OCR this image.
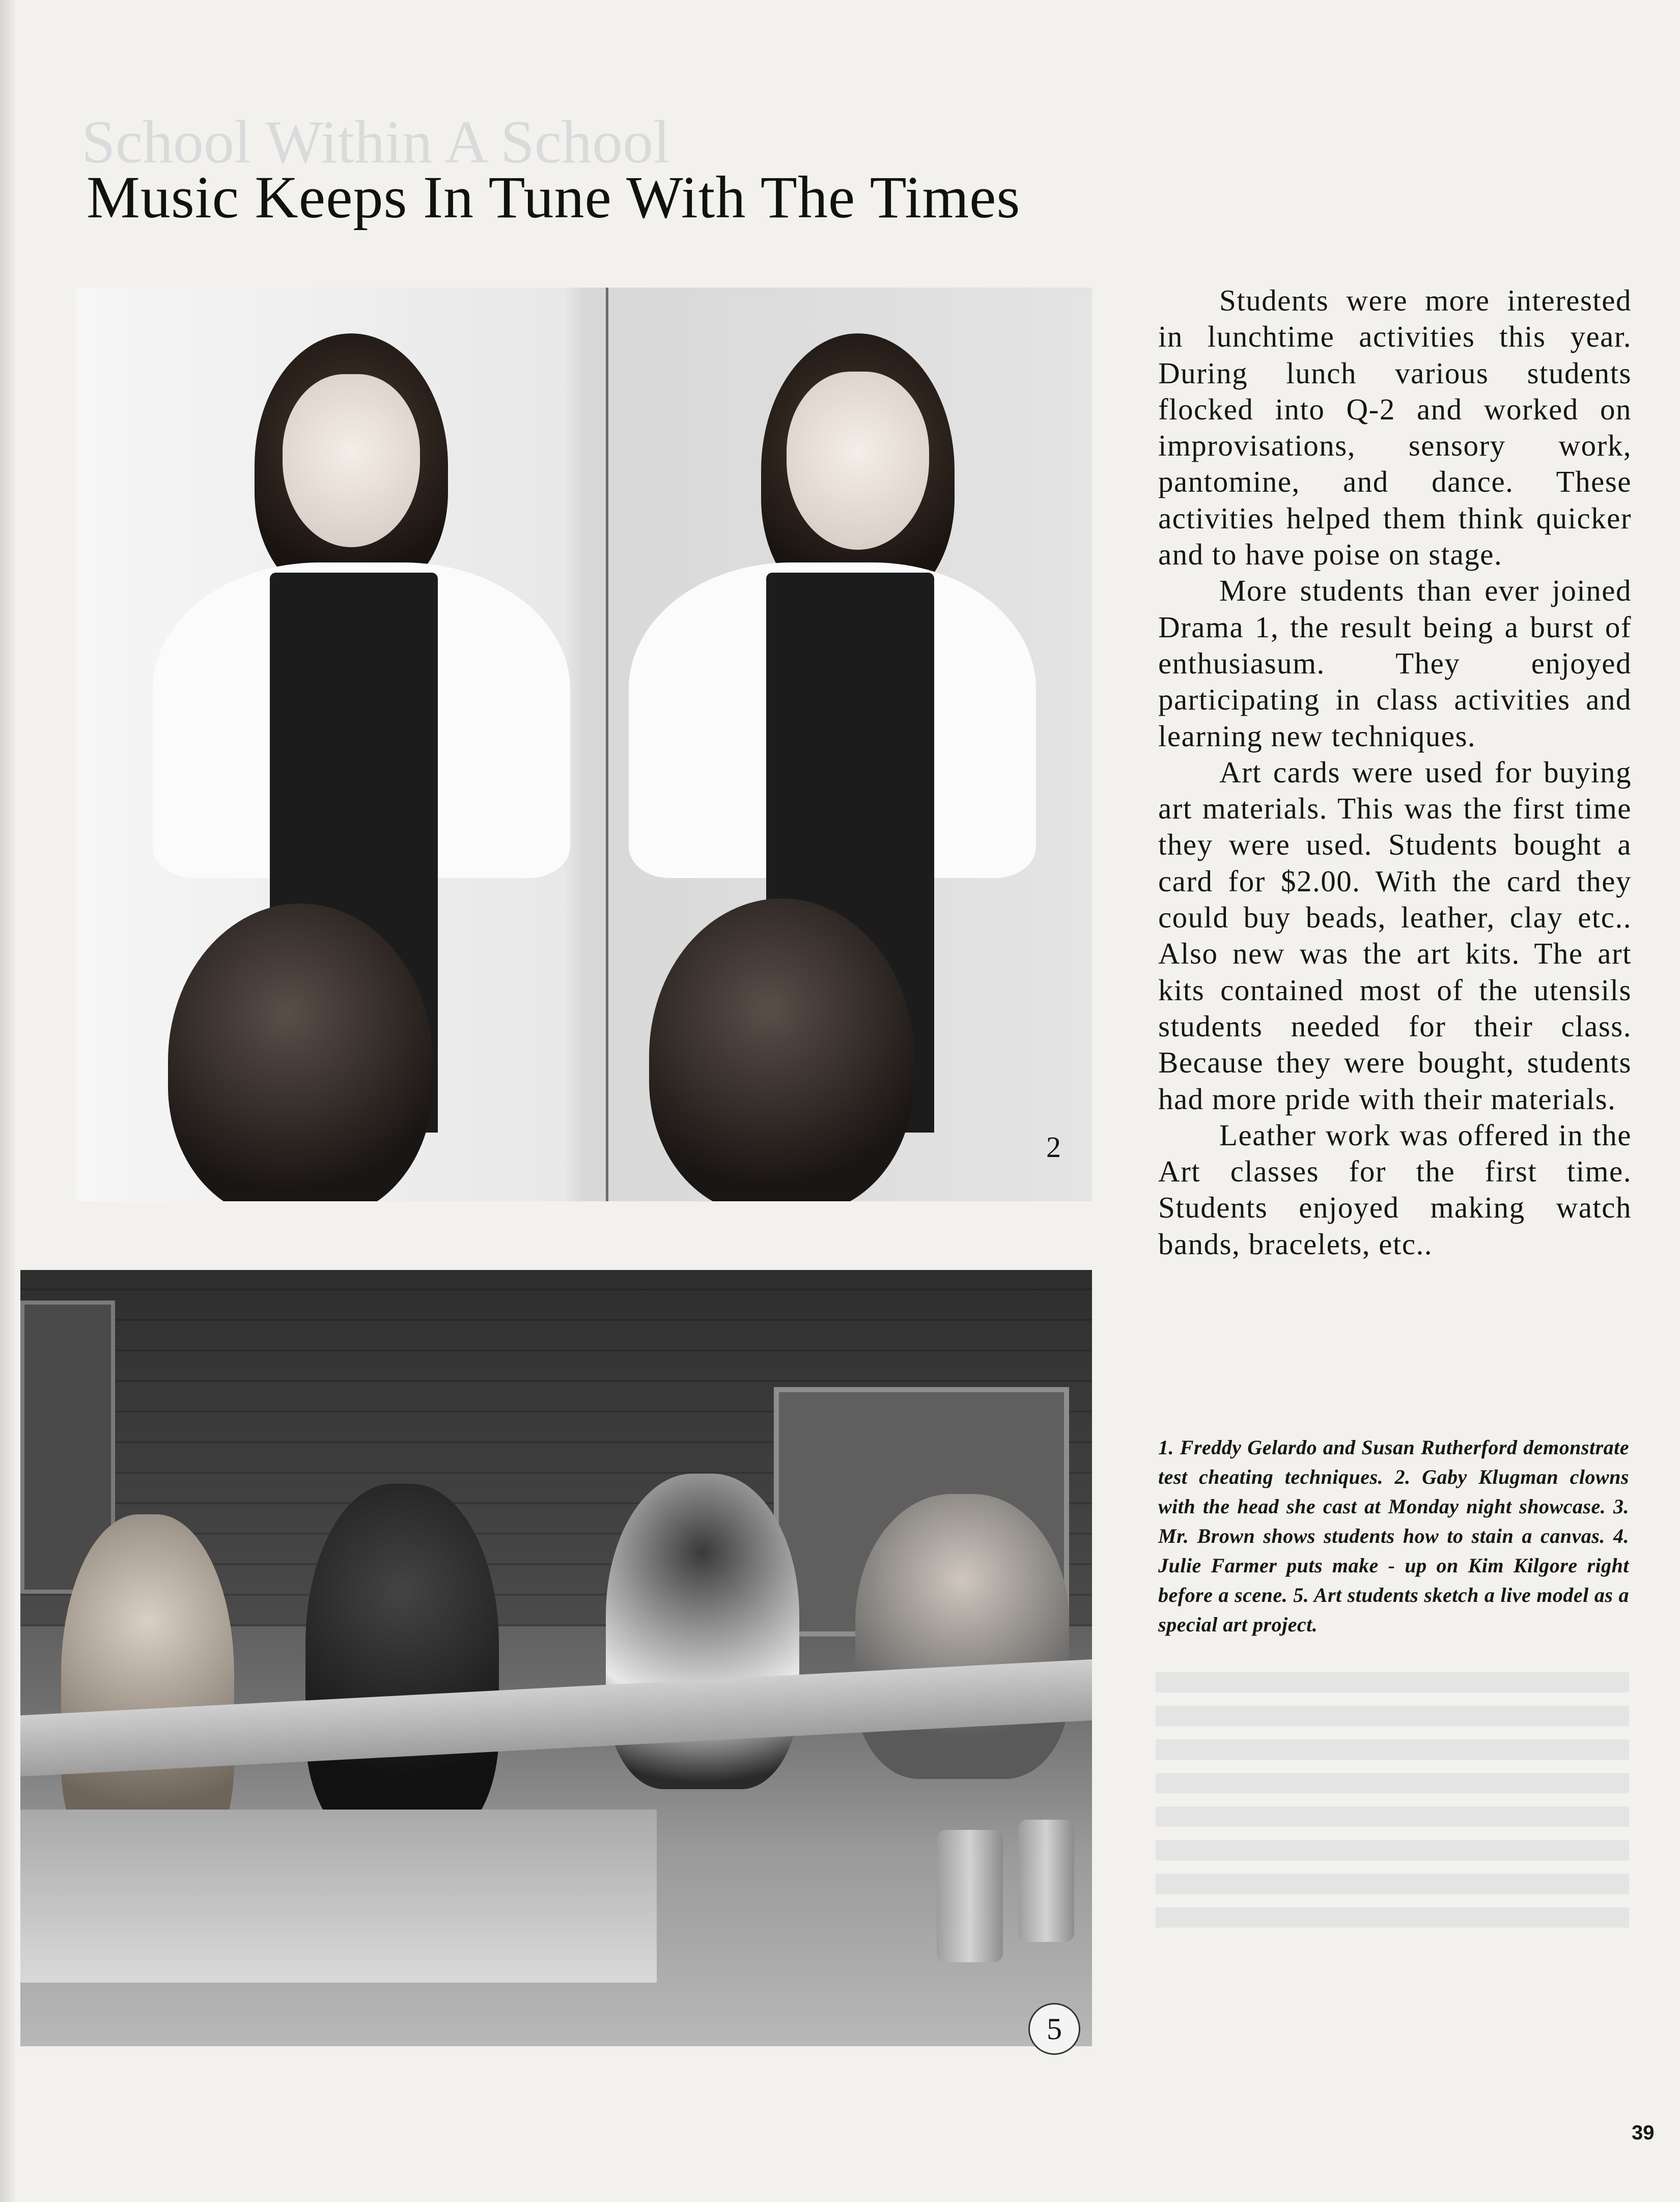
School Within A School
Music Keeps In Tune With The Times
2
5

Students were more interested in lunchtime activities this year. During lunch various students flocked into Q-2 and worked on improvisations, sensory work, pantomine, and dance. These activities helped them think quicker and to have poise on stage.

More students than ever joined Drama 1, the result being a burst of enthusiasum. They enjoyed participating in class activities and learning new techniques.

Art cards were used for buying art materials. This was the first time they were used. Students bought a card for $2.00. With the card they could buy beads, leather, clay etc.. Also new was the art kits. The art kits contained most of the utensils students needed for their class. Because they were bought, students had more pride with their materials.

Leather work was offered in the Art classes for the first time. Students enjoyed making watch bands, bracelets, etc..

1. Freddy Gelardo and Susan Rutherford demonstrate test cheating techniques. 2. Gaby Klugman clowns with the head she cast at Monday night showcase. 3. Mr. Brown shows students how to stain a canvas. 4. Julie Farmer puts make - up on Kim Kilgore right before a scene. 5. Art students sketch a live model as a special art project.

39
